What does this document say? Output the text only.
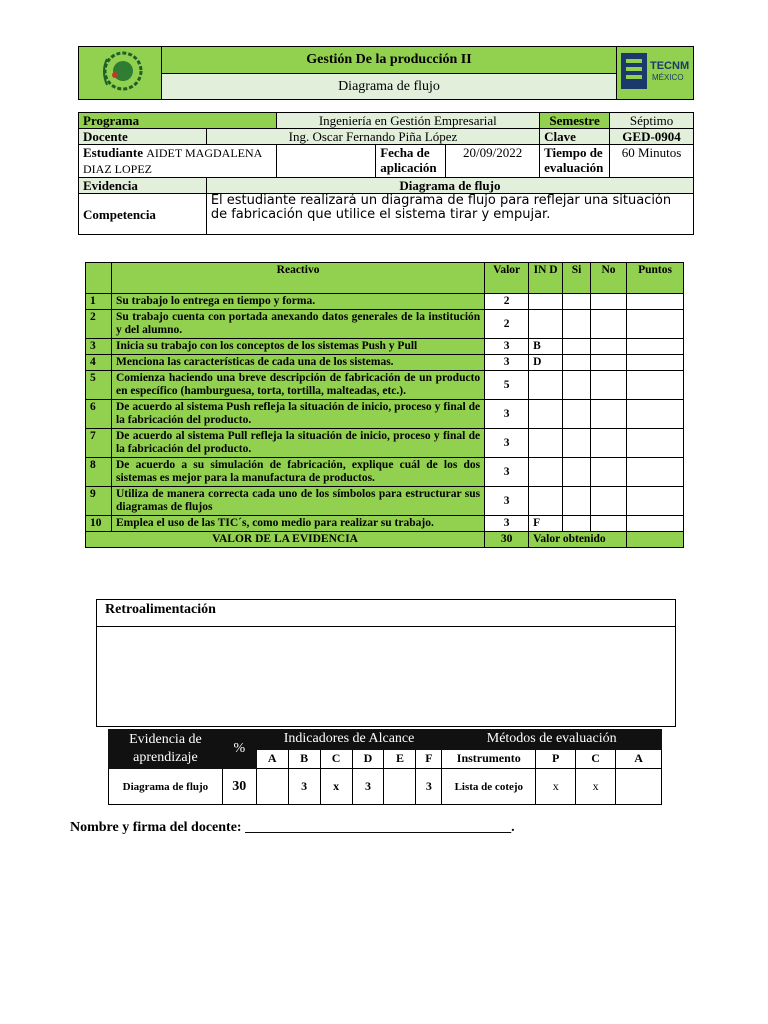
	Gestión De la producción II	TECNM
MÉXICO

Diagrama de flujo
Programa		Ingeniería en Gestión Empresarial			Semestre	Séptimo
Docente	Ing. Oscar Fernando Piña López				Clave	GED-0904
Estudiante AIDET MAGDALENA DIAZ LOPEZ			Fecha de aplicación	20/09/2022	Tiempo de evaluación	60 Minutos
Evidencia	Diagrama de flujo					
Competencia	El estudiante realizará un diagrama de flujo para reflejar una situación de fabricación que utilice el sistema tirar y empujar.					
	Reactivo	Valor	IN D	Si	No	Puntos
1	Su trabajo lo entrega en tiempo y forma.	2				
2	Su trabajo cuenta con portada anexando datos generales de la institución y del alumno.	2				
3	Inicia su trabajo con los conceptos de los sistemas Push y Pull	3	B			
4	Menciona las características de cada una de los sistemas.	3	D			
5	Comienza haciendo una breve descripción de fabricación de un producto en específico (hamburguesa, torta, tortilla, malteadas, etc.).	5				
6	De acuerdo al sistema Push refleja la situación de inicio, proceso y final de la fabricación del producto.	3				
7	De acuerdo al sistema Pull refleja la situación de inicio, proceso y final de la fabricación del producto.	3				
8	De acuerdo a su simulación de fabricación, explique cuál de los dos sistemas es mejor para la manufactura de productos.	3				
9	Utiliza de manera correcta cada uno de los símbolos para estructurar sus diagramas de flujos	3				
10	Emplea el uso de las TIC´s, como medio para realizar su trabajo.	3	F			
VALOR DE LA EVIDENCIA		30	Valor obtenido			
Retroalimentación
Evidencia de aprendizaje	%	Indicadores de Alcance						Métodos de evaluación			
		A	B	C	D	E	F	Instrumento	P	C	A
Diagrama de flujo	30		3	x	3		3	Lista de cotejo	x	x	
Nombre y firma del docente: ______________________________________.
